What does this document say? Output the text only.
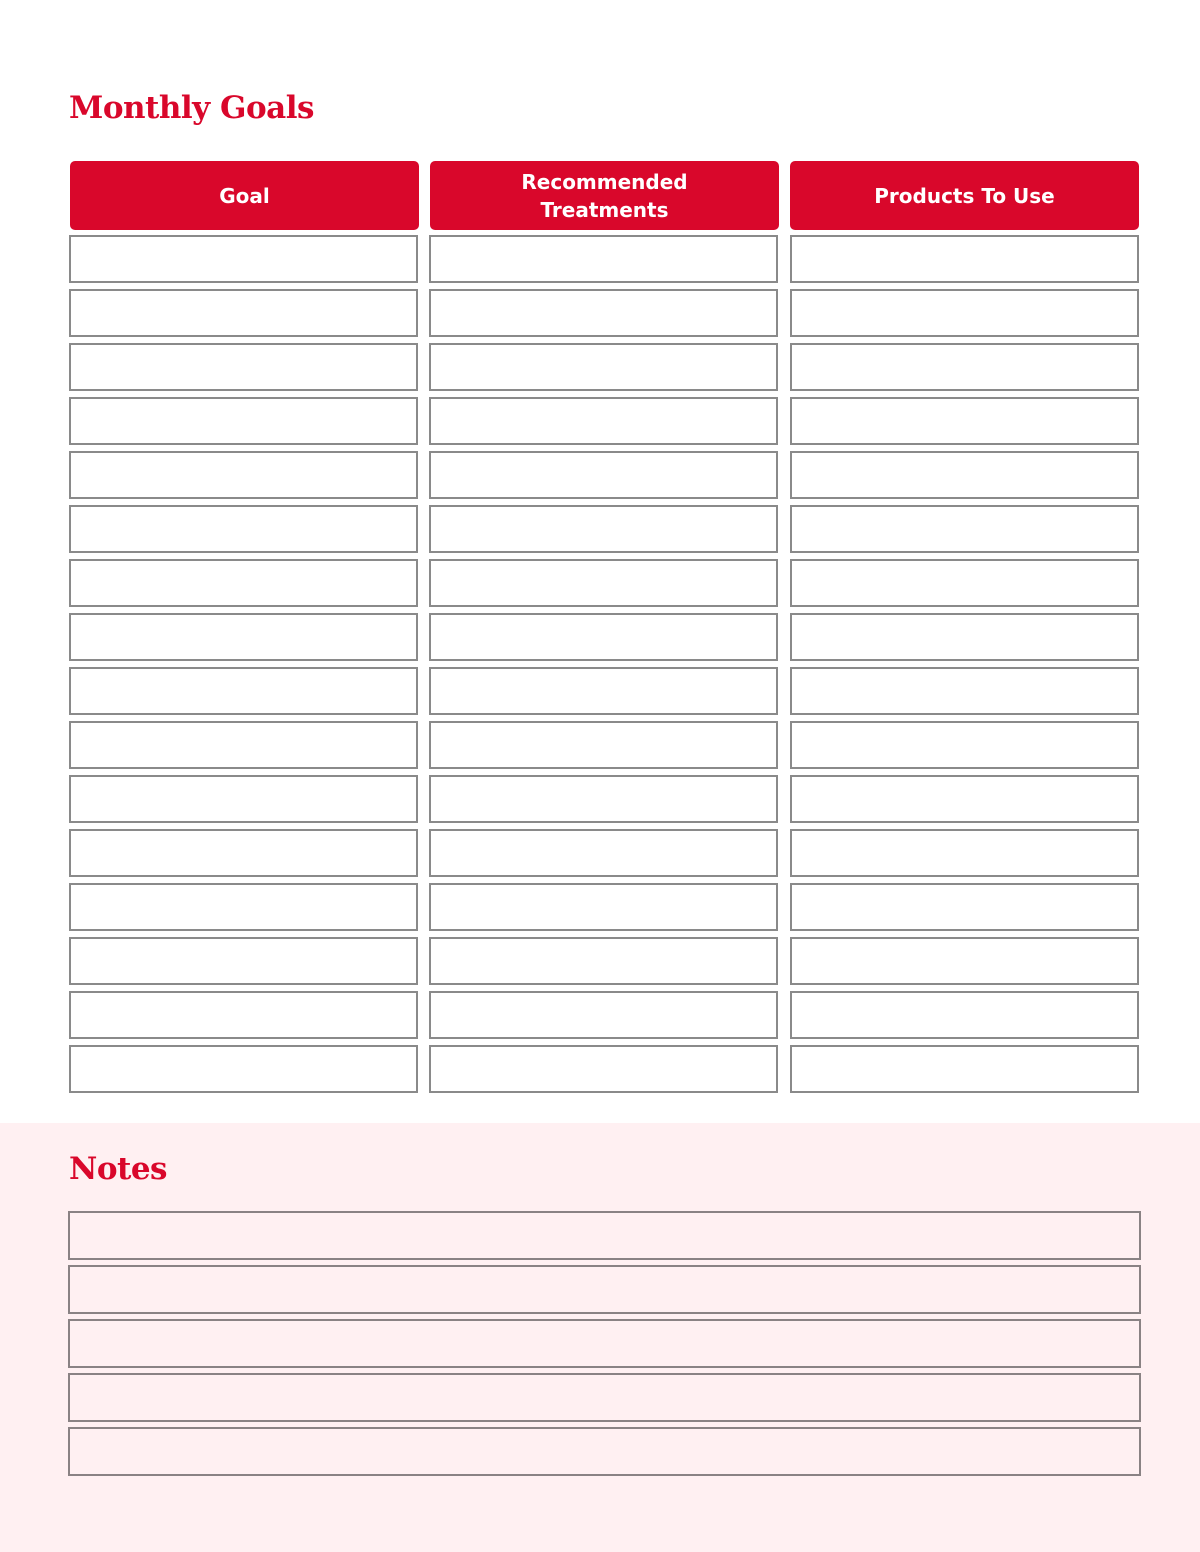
Monthly Goals
Goal
Recommended Treatments
Products To Use
Notes
